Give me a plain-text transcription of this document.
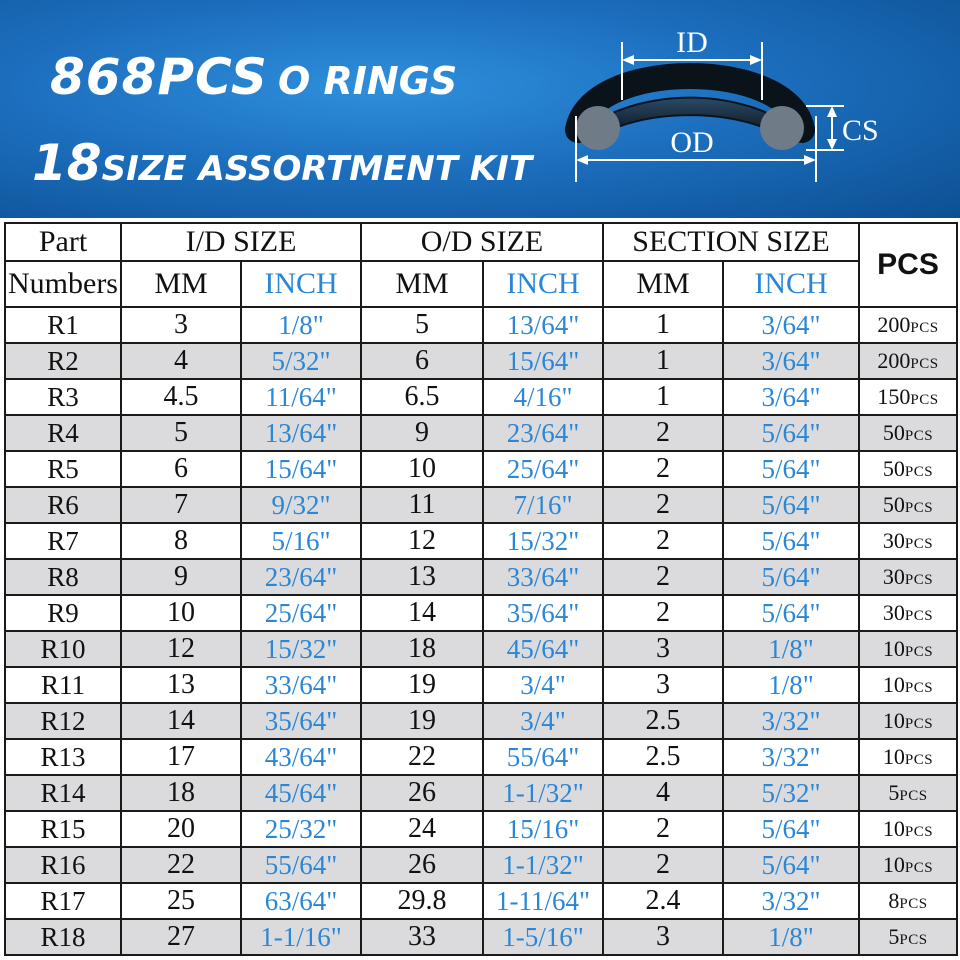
868PCS O RINGS
18SIZE ASSORTMENT KIT
ID
OD	CS
Part	I/D SIZE		O/D SIZE		SECTION SIZE		PCS
Numbers	MM	INCH	MM	INCH	MM	INCH	
R1	3	1/8"	5	13/64"	1	3/64"	200PCS
R2	4	5/32"	6	15/64"	1	3/64"	200PCS
R3	4.5	11/64"	6.5	4/16"	1	3/64"	150PCS
R4	5	13/64"	9	23/64"	2	5/64"	50PCS
R5	6	15/64"	10	25/64"	2	5/64"	50PCS
R6	7	9/32"	11	7/16"	2	5/64"	50PCS
R7	8	5/16"	12	15/32"	2	5/64"	30PCS
R8	9	23/64"	13	33/64"	2	5/64"	30PCS
R9	10	25/64"	14	35/64"	2	5/64"	30PCS
R10	12	15/32"	18	45/64"	3	1/8"	10PCS
R11	13	33/64"	19	3/4"	3	1/8"	10PCS
R12	14	35/64"	19	3/4"	2.5	3/32"	10PCS
R13	17	43/64"	22	55/64"	2.5	3/32"	10PCS
R14	18	45/64"	26	1-1/32"	4	5/32"	5PCS
R15	20	25/32"	24	15/16"	2	5/64"	10PCS
R16	22	55/64"	26	1-1/32"	2	5/64"	10PCS
R17	25	63/64"	29.8	1-11/64"	2.4	3/32"	8PCS
R18	27	1-1/16"	33	1-5/16"	3	1/8"	5PCS
